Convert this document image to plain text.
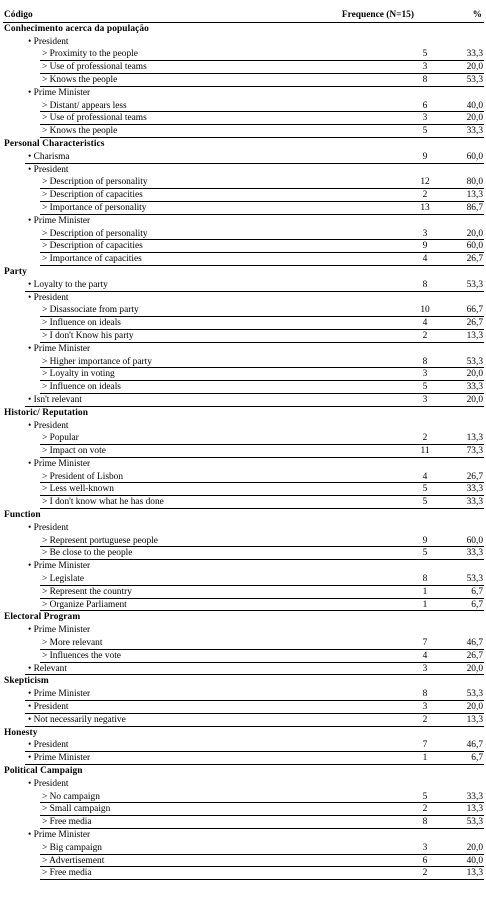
Código	Frequence (N=15)	%
Conhecimento acerca da população
• President
> Proximity to the people	5	33,3
> Use of professional teams	3	20,0
> Knows the people	8	53,3
• Prime Minister
> Distant/ appears less	6	40,0
> Use of professional teams	3	20,0
> Knows the people	5	33,3
Personal Characteristics
• Charisma	9	60,0
• President
> Description of personality	12	80,0
> Description of capacities	2	13,3
> Importance of personality	13	86,7
• Prime Minister
> Description of personality	3	20,0
> Description of capacities	9	60,0
> Importance of capacities	4	26,7
Party
• Loyalty to the party	8	53,3
• President
> Disassociate from party	10	66,7
> Influence on ideals	4	26,7
> I don't Know his party	2	13,3
• Prime Minister
> Higher importance of party	8	53,3
> Loyalty in voting	3	20,0
> Influence on ideals	5	33,3
• Isn't relevant	3	20,0
Historic/ Reputation
• President
> Popular	2	13,3
> Impact on vote	11	73,3
• Prime Minister
> President of Lisbon	4	26,7
> Less well-known	5	33,3
> I don't know what he has done	5	33,3
Function
• President
> Represent portuguese people	9	60,0
> Be close to the people	5	33,3
• Prime Minister
> Legislate	8	53,3
> Represent the country	1	6,7
> Organize Parliament	1	6,7
Electoral Program
• Prime Minister
> More relevant	7	46,7
> Influences the vote	4	26,7
• Relevant	3	20,0
Skepticism
• Prime Minister	8	53,3
• President	3	20,0
• Not necessarily negative	2	13,3
Honesty
• President	7	46,7
• Prime Minister	1	6,7
Political Campaign
• President
> No campaign	5	33,3
> Small campaign	2	13,3
> Free media	8	53,3
• Prime Minister
> Big campaign	3	20,0
> Advertisement	6	40,0
> Free media	2	13,3
